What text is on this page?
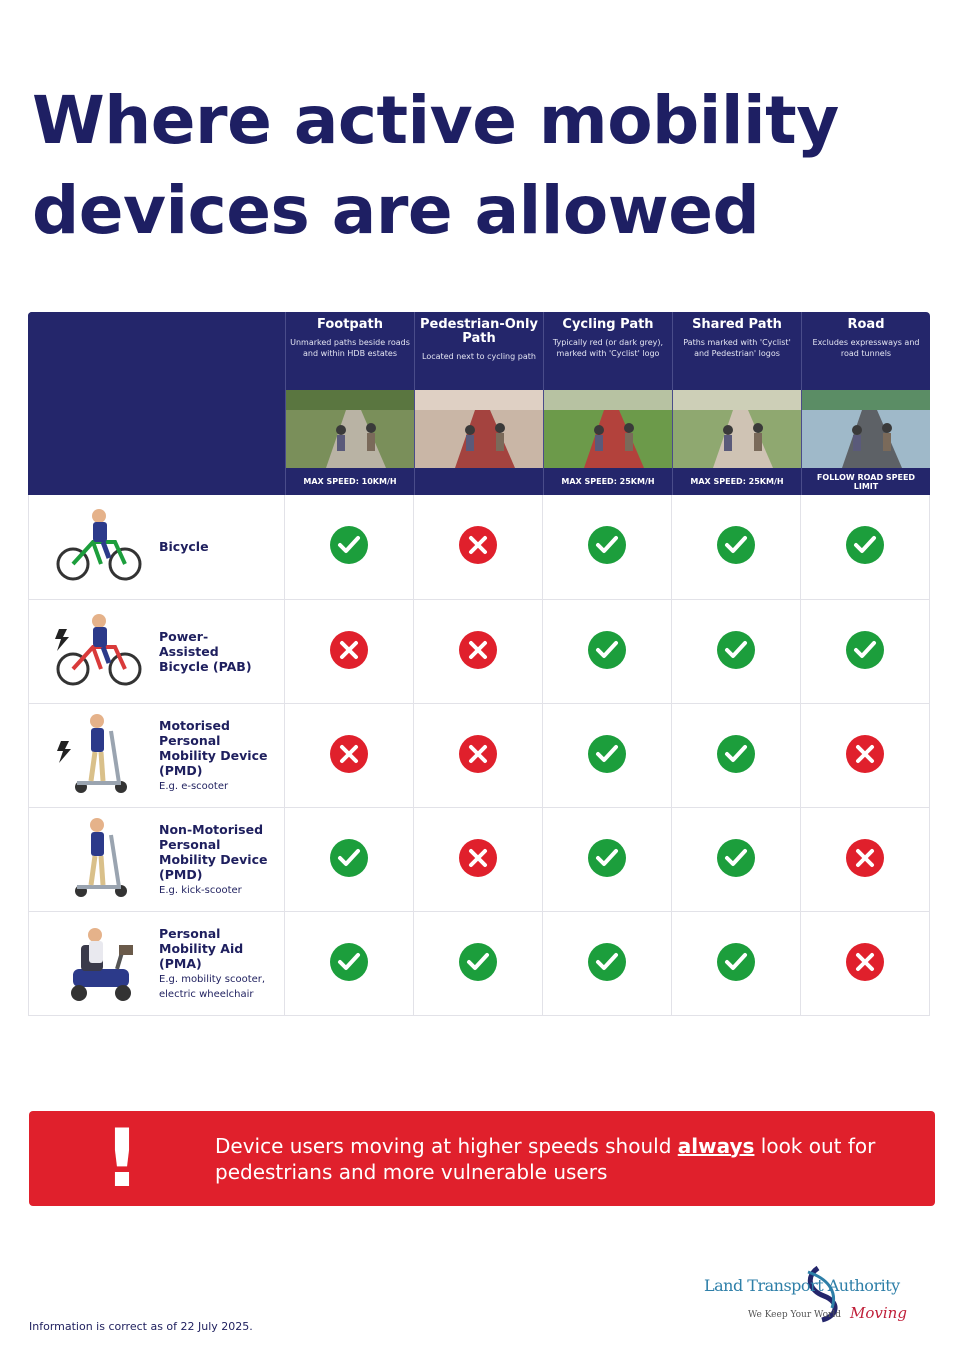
Where active mobility devices are allowed
Footpath
Unmarked paths beside roads and within HDB estates
MAX SPEED: 10KM/H
Pedestrian-Only Path
Located next to cycling path
Cycling Path
Typically red (or dark grey), marked with 'Cyclist' logo
MAX SPEED: 25KM/H
Shared Path
Paths marked with 'Cyclist' and Pedestrian' logos
MAX SPEED: 25KM/H
Road
Excludes expressways and road tunnels
FOLLOW ROAD SPEED LIMIT
Bicycle
Power-
Assisted
Bicycle (PAB)
Motorised
Personal
Mobility Device
(PMD)
E.g. e-scooter
Non-Motorised
Personal
Mobility Device
(PMD)
E.g. kick-scooter
Personal
Mobility Aid
(PMA)
E.g. mobility scooter, electric wheelchair
!	Device users moving at higher speeds should always look out for pedestrians and more vulnerable users
Information is correct as of 22 July 2025.
Land Transport Authority
We Keep Your World Moving
